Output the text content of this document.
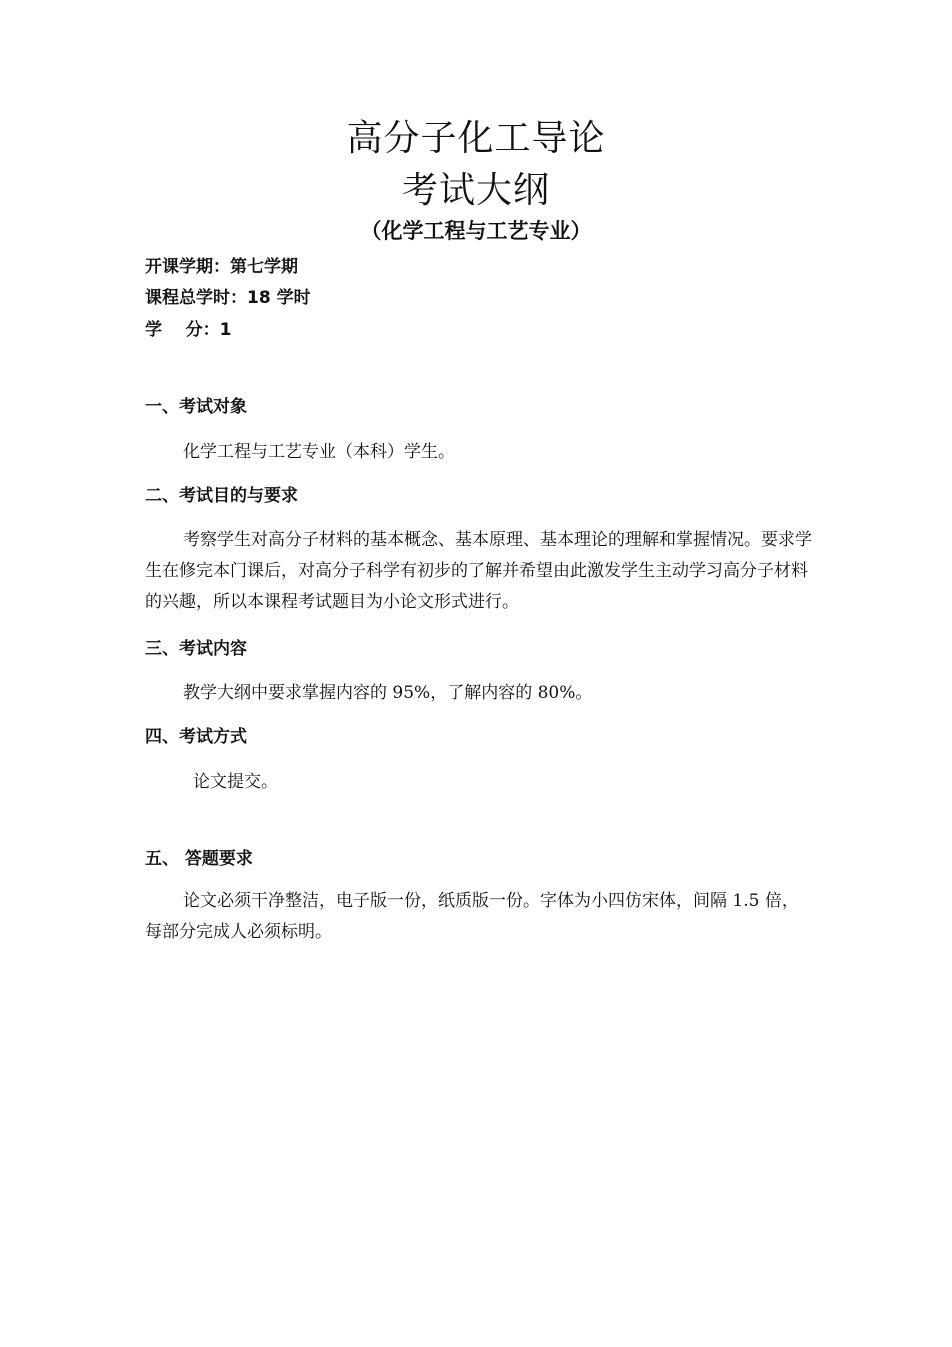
高分子化工导论
考试大纲
（化学工程与工艺专业）
开课学期：第七学期
课程总学时：18 学时
学    分：1
一、考试对象
化学工程与工艺专业（本科）学生。
二、考试目的与要求
考察学生对高分子材料的基本概念、基本原理、基本理论的理解和掌握情况。要求学生在修完本门课后，对高分子科学有初步的了解并希望由此激发学生主动学习高分子材料的兴趣，所以本课程考试题目为小论文形式进行。
三、考试内容
教学大纲中要求掌握内容的 95%，了解内容的 80%。
四、考试方式
论文提交。
五、 答题要求
论文必须干净整洁，电子版一份，纸质版一份。字体为小四仿宋体，间隔 1.5 倍，每部分完成人必须标明。
